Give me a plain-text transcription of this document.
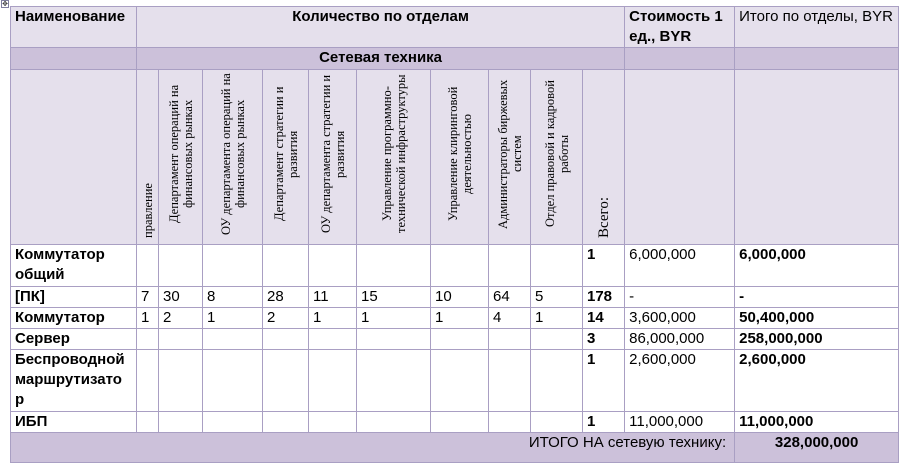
✥
Наименование	Количество по отделам										Стоимость 1 ед., BYR	Итого по отделы, BYR
	Сетевая техника											

	правление	Департамент операций на финансовых рынках	ОУ департамента операций на финансовых рынках	Департамент стратегии и развития	ОУ департамента стратегии и развития	Управление программно-технической инфраструктуры	Управление клиринговой деятельностью	Администраторы биржевых систем	Отдел правовой и кадровой работы	Всего:		

Коммутатор общий										1	6,000,000	6,000,000
[ПК]	7	30	8	28	11	15	10	64	5	178	-	-
Коммутатор	1	2	1	2	1	1	1	4	1	14	3,600,000	50,400,000
Сервер										3	86,000,000	258,000,000
Беспроводной маршрутизато р										1	2,600,000	2,600,000
ИБП										1	11,000,000	11,000,000
ИТОГО НА сетевую технику:												328,000,000
